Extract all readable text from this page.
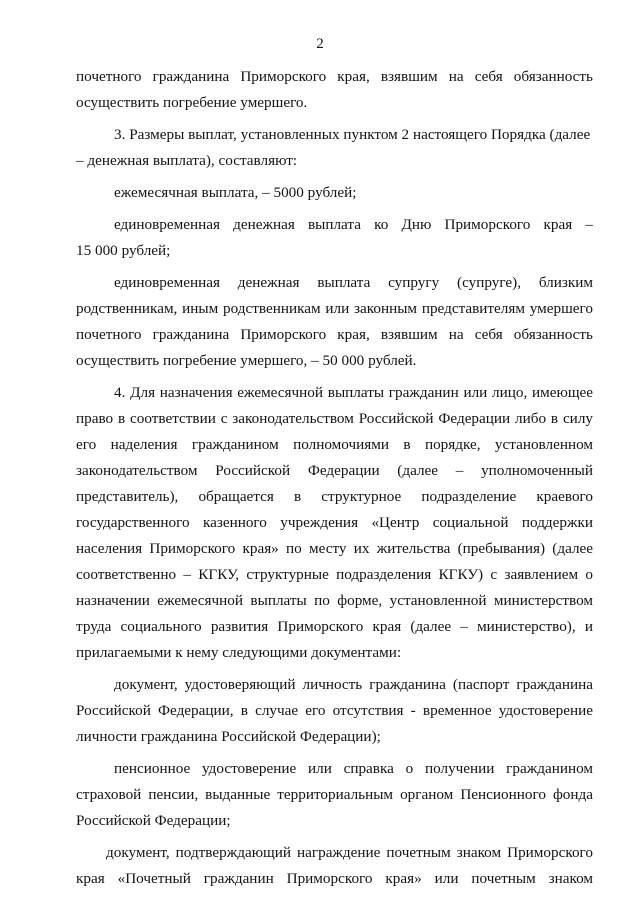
2
почетного гражданина Приморского края, взявшим на себя обязанность
осуществить погребение умершего.
3. Размеры выплат, установленных пунктом 2 настоящего Порядка (далее
– денежная выплата), составляют:
ежемесячная выплата, – 5000 рублей;
единовременная денежная выплата ко Дню Приморского края –
15 000 рублей;
единовременная денежная выплата супругу (супруге), близким
родственникам, иным родственникам или законным представителям умершего
почетного гражданина Приморского края, взявшим на себя обязанность
осуществить погребение умершего, – 50 000 рублей.
4. Для назначения ежемесячной выплаты гражданин или лицо, имеющее
право в соответствии с законодательством Российской Федерации либо в силу
его наделения гражданином полномочиями в порядке, установленном
законодательством Российской Федерации (далее – уполномоченный
представитель), обращается в структурное подразделение краевого
государственного казенного учреждения «Центр социальной поддержки
населения Приморского края» по месту их жительства (пребывания) (далее
соответственно – КГКУ, структурные подразделения КГКУ) с заявлением о
назначении ежемесячной выплаты по форме, установленной министерством
труда социального развития Приморского края (далее – министерство), и
прилагаемыми к нему следующими документами:
документ, удостоверяющий личность гражданина (паспорт гражданина
Российской Федерации, в случае его отсутствия - временное удостоверение
личности гражданина Российской Федерации);
пенсионное удостоверение или справка о получении гражданином
страховой пенсии, выданные территориальным органом Пенсионного фонда
Российской Федерации;
документ, подтверждающий награждение почетным знаком Приморского
края «Почетный гражданин Приморского края» или почетным знаком
